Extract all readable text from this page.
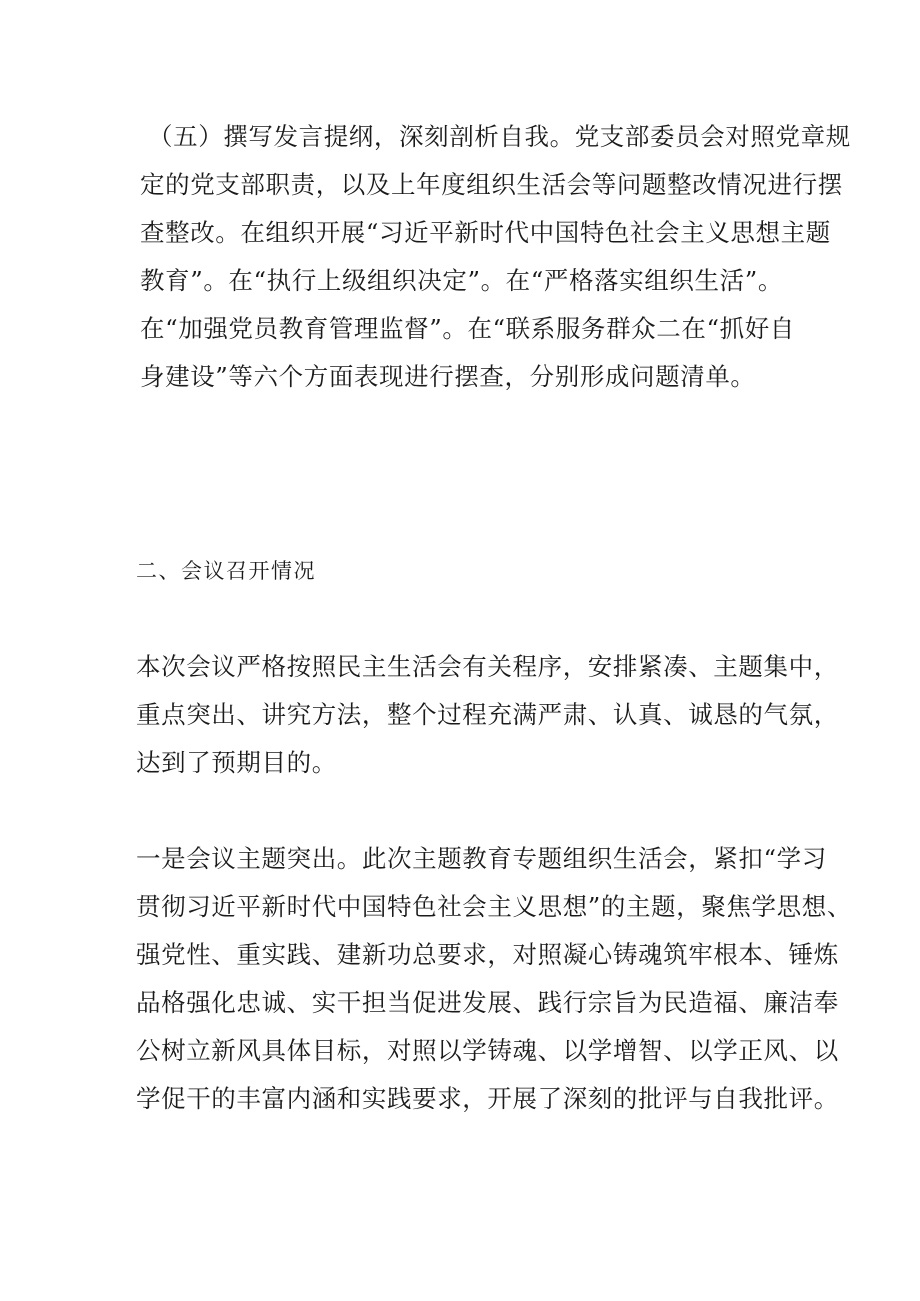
（五）撰写发言提纲，深刻剖析自我。党支部委员会对照党章规
定的党支部职责，以及上年度组织生活会等问题整改情况进行摆
查整改。在组织开展“习近平新时代中国特色社会主义思想主题
教育”。在“执行上级组织决定”。在“严格落实组织生活”。
在“加强党员教育管理监督”。在“联系服务群众二在“抓好自
身建设”等六个方面表现进行摆查，分别形成问题清单。
二、会议召开情况
本次会议严格按照民主生活会有关程序，安排紧凑、主题集中，
重点突出、讲究方法，整个过程充满严肃、认真、诚恳的气氛，
达到了预期目的。
一是会议主题突出。此次主题教育专题组织生活会，紧扣“学习
贯彻习近平新时代中国特色社会主义思想”的主题，聚焦学思想、
强党性、重实践、建新功总要求，对照凝心铸魂筑牢根本、锤炼
品格强化忠诚、实干担当促进发展、践行宗旨为民造福、廉洁奉
公树立新风具体目标，对照以学铸魂、以学增智、以学正风、以
学促干的丰富内涵和实践要求，开展了深刻的批评与自我批评。
